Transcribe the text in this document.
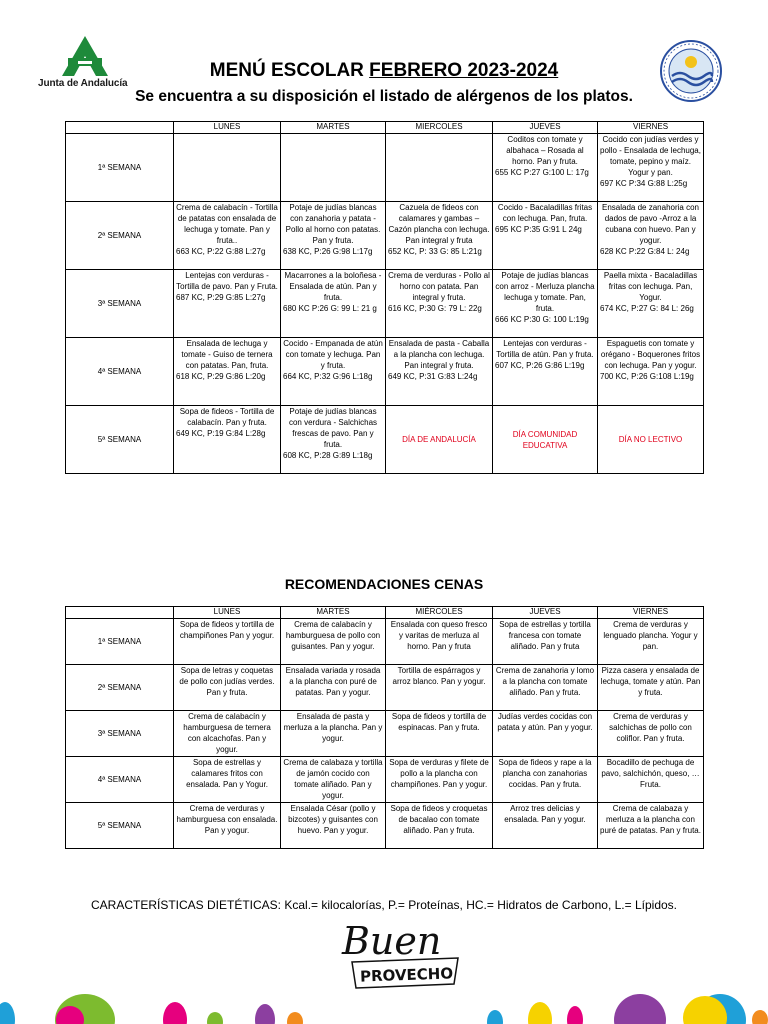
Junta de Andalucía
MENÚ ESCOLAR FEBRERO 2023-2024
Se encuentra a su disposición el listado de alérgenos de los platos.
	LUNES	MARTES	MIERCOLES	JUEVES	VIERNES
1ª SEMANA				Coditos con tomate y albahaca – Rosada al horno. Pan y fruta.
655 KC P:27 G:100 L: 17g	Cocido con judías verdes y pollo - Ensalada de lechuga, tomate, pepino y maíz. Yogur y pan.
697 KC P:34 G:88 L:25g

2ª SEMANA	Crema de calabacín - Tortilla de patatas con ensalada de lechuga y tomate. Pan y fruta..
663 KC, P:22 G:88 L:27g	Potaje de judías blancas con zanahoria y patata - Pollo al horno con patatas. Pan y fruta.
638 KC, P:26 G:98 L:17g	Cazuela de fideos con calamares y gambas – Cazón plancha con lechuga. Pan integral y fruta
652 KC, P: 33 G: 85 L:21g	Cocido - Bacaladillas fritas con lechuga. Pan, fruta.
695 KC P:35 G:91 L 24g	Ensalada de zanahoria con dados de pavo -Arroz a la cubana con huevo. Pan y yogur.
628 KC P:22 G:84 L: 24g

3ª SEMANA	Lentejas con verduras - Tortilla de pavo. Pan y Fruta.
687 KC, P:29 G:85 L:27g	Macarrones a la boloñesa - Ensalada de atún. Pan y fruta.
680 KC P:26 G: 99 L: 21 g	Crema de verduras - Pollo al horno con patata. Pan integral y fruta.
616 KC, P:30 G: 79 L: 22g	Potaje de judías blancas con arroz - Merluza plancha lechuga y tomate. Pan, fruta.
666 KC P:30 G: 100 L:19g	Paella mixta - Bacaladillas fritas con lechuga. Pan, Yogur.
674 KC, P:27 G: 84 L: 26g

4ª SEMANA	Ensalada de lechuga y tomate - Guiso de ternera con patatas. Pan, fruta.
618 KC, P:29 G:86 L:20g	Cocido - Empanada de atún con tomate y lechuga. Pan y fruta.
664 KC, P:32 G:96 L:18g	Ensalada de pasta - Caballa a la plancha con lechuga. Pan integral y fruta.
649 KC, P:31 G:83 L:24g	Lentejas con verduras - Tortilla de atún. Pan y fruta.
607 KC, P:26 G:86 L:19g	Espaguetis con tomate y orégano - Boquerones fritos con lechuga. Pan y yogur.
700 KC, P:26 G:108 L:19g

5ª SEMANA	Sopa de fideos - Tortilla de calabacín. Pan y fruta.
649 KC, P:19 G:84 L:28g	Potaje de judías blancas con verdura - Salchichas frescas de pavo. Pan y fruta.
608 KC, P:28 G:89 L:18g	DÍA DE ANDALUCÍA	DÍA COMUNIDAD EDUCATIVA	DÍA NO LECTIVO
RECOMENDACIONES CENAS
	LUNES	MARTES	MIÉRCOLES	JUEVES	VIERNES
1ª SEMANA	Sopa de fideos y tortilla de champiñones Pan y yogur.	Crema de calabacín y hamburguesa de pollo con guisantes. Pan y yogur.	Ensalada con queso fresco y varitas de merluza al horno. Pan y fruta	Sopa de estrellas y tortilla francesa con tomate aliñado. Pan y fruta	Crema de verduras y lenguado plancha. Yogur y pan.
2ª SEMANA	Sopa de letras y coquetas de pollo con judías verdes. Pan y fruta.	Ensalada variada y rosada a la plancha con puré de patatas. Pan y yogur.	Tortilla de espárragos y arroz blanco. Pan y yogur.	Crema de zanahoria y lomo a la plancha con tomate aliñado. Pan y fruta.	Pizza casera y ensalada de lechuga, tomate y atún. Pan y fruta.
3ª SEMANA	Crema de calabacín y hamburguesa de ternera con alcachofas. Pan y yogur.	Ensalada de pasta y merluza a la plancha. Pan y yogur.	Sopa de fideos y tortilla de espinacas. Pan y fruta.	Judías verdes cocidas con patata y atún. Pan y yogur.	Crema de verduras y salchichas de pollo con coliflor. Pan y fruta.
4ª SEMANA	Sopa de estrellas y calamares fritos con ensalada. Pan y Yogur.	Crema de calabaza y tortilla de jamón cocido con tomate aliñado. Pan y yogur.	Sopa de verduras y filete de pollo a la plancha con champiñones. Pan y yogur.	Sopa de fideos y rape a la plancha con zanahorias cocidas. Pan y fruta.	Bocadillo de pechuga de pavo, salchichón, queso, … Fruta.
5ª SEMANA	Crema de verduras y hamburguesa con ensalada. Pan y yogur.	Ensalada César (pollo y bizcotes) y guisantes con huevo. Pan y yogur.	Sopa de fideos y croquetas de bacalao con tomate aliñado. Pan y fruta.	Arroz tres delicias y ensalada. Pan y yogur.	Crema de calabaza y merluza a la plancha con puré de patatas. Pan y fruta.
CARACTERÍSTICAS DIETÉTICAS: Kcal.= kilocalorías, P.= Proteínas, HC.= Hidratos de Carbono, L.= Lípidos.
Buen
PROVECHO
